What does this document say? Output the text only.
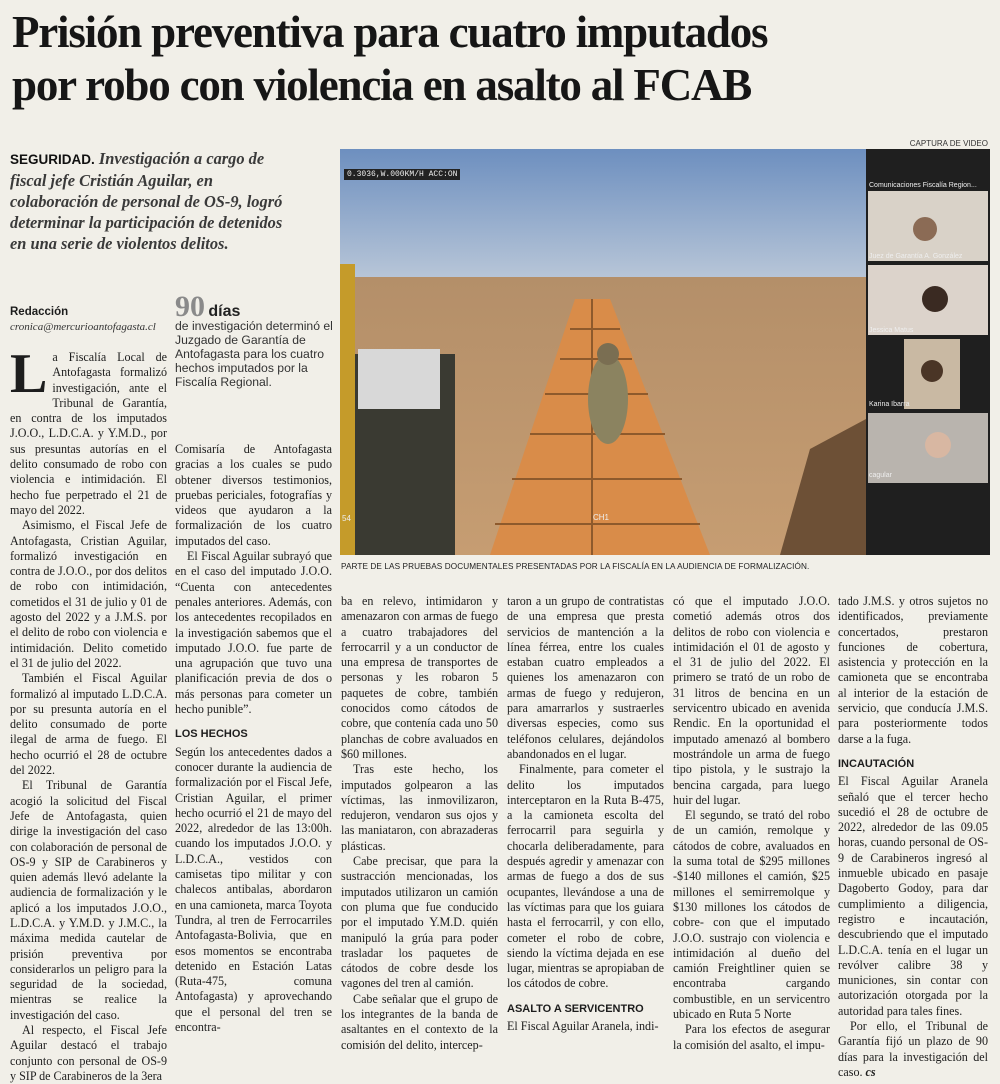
Prisión preventiva para cuatro imputados
por robo con violencia en asalto al FCAB
SEGURIDAD. Investigación a cargo de fiscal jefe Cristián Aguilar, en colaboración de personal de OS-9, logró determinar la participación de detenidos en una serie de violentos delitos.
Redacción
cronica@mercurioantofagasta.cl
90 días
de investigación determinó el Juzgado de Garantía de Antofagasta para los cuatro hechos imputados por la Fiscalía Regional.
CAPTURA DE VIDEO
0.3036,W.000KM/H ACC:ON
54	CH1
Comunicaciones Fiscalía Region...
Juez de Garantía A. González
Jessica Matus
Karina Ibarra
cagular
PARTE DE LAS PRUEBAS DOCUMENTALES PRESENTADAS POR LA FISCALÍA EN LA AUDIENCIA DE FORMALIZACIÓN.

La Fiscalía Local de Antofagasta formalizó investigación, ante el Tribunal de Garantía, en contra de los imputados J.O.O., L.D.C.A. y Y.M.D., por sus presuntas autorías en el delito consumado de robo con violencia e intimidación. El hecho fue perpetrado el 21 de mayo del 2022.

Asimismo, el Fiscal Jefe de Antofagasta, Cristian Aguilar, formalizó investigación en contra de J.O.O., por dos delitos de robo con intimidación, cometidos el 31 de julio y 01 de agosto del 2022 y a J.M.S. por el delito de robo con violencia e intimidación. Delito cometido el 31 de julio del 2022.

También el Fiscal Aguilar formalizó al imputado L.D.C.A. por su presunta autoría en el delito consumado de porte ilegal de arma de fuego. El hecho ocurrió el 28 de octubre del 2022.

El Tribunal de Garantía acogió la solicitud del Fiscal Jefe de Antofagasta, quien dirige la investigación del caso con colaboración de personal de OS-9 y SIP de Carabineros y quien además llevó adelante la audiencia de formalización y le aplicó a los imputados J.O.O., L.D.C.A. y Y.M.D. y J.M.C., la máxima medida cautelar de prisión preventiva por considerarlos un peligro para la seguridad de la sociedad, mientras se realice la investigación del caso.

Al respecto, el Fiscal Jefe Aguilar destacó el trabajo conjunto con personal de OS-9 y SIP de Carabineros de la 3era

Comisaría de Antofagasta gracias a los cuales se pudo obtener diversos testimonios, pruebas periciales, fotografías y videos que ayudaron a la formalización de los cuatro imputados del caso.

El Fiscal Aguilar subrayó que en el caso del imputado J.O.O. “Cuenta con antecedentes penales anteriores. Además, con los antecedentes recopilados en la investigación sabemos que el imputado J.O.O. fue parte de una agrupación que tuvo una planificación previa de dos o más personas para cometer un hecho punible”.

LOS HECHOS

Según los antecedentes dados a conocer durante la audiencia de formalización por el Fiscal Jefe, Cristian Aguilar, el primer hecho ocurrió el 21 de mayo del 2022, alrededor de las 13:00h. cuando los imputados J.O.O. y L.D.C.A., vestidos con camisetas tipo militar y con chalecos antibalas, abordaron en una camioneta, marca Toyota Tundra, al tren de Ferrocarriles Antofagasta-Bolivia, que en esos momentos se encontraba detenido en Estación Latas (Ruta-475, comuna Antofagasta) y aprovechando que el personal del tren se encontra-

ba en relevo, intimidaron y amenazaron con armas de fuego a cuatro trabajadores del ferrocarril y a un conductor de una empresa de transportes de personas y les robaron 5 paquetes de cobre, también conocidos como cátodos de cobre, que contenía cada uno 50 planchas de cobre avaluados en $60 millones.

Tras este hecho, los imputados golpearon a las víctimas, las inmovilizaron, redujeron, vendaron sus ojos y las maniataron, con abrazaderas plásticas.

Cabe precisar, que para la sustracción mencionadas, los imputados utilizaron un camión con pluma que fue conducido por el imputado Y.M.D. quién manipuló la grúa para poder trasladar los paquetes de cátodos de cobre desde los vagones del tren al camión.

Cabe señalar que el grupo de los integrantes de la banda de asaltantes en el contexto de la comisión del delito, intercep-

taron a un grupo de contratistas de una empresa que presta servicios de mantención a la línea férrea, entre los cuales estaban cuatro empleados a quienes los amenazaron con armas de fuego y redujeron, para amarrarlos y sustraerles diversas especies, como sus teléfonos celulares, dejándolos abandonados en el lugar.

Finalmente, para cometer el delito los imputados interceptaron en la Ruta B-475, a la camioneta escolta del ferrocarril para seguirla y chocarla deliberadamente, para después agredir y amenazar con armas de fuego a dos de sus ocupantes, llevándose a una de las víctimas para que los guiara hasta el ferrocarril, y con ello, cometer el robo de cobre, siendo la víctima dejada en ese lugar, mientras se apropiaban de los cátodos de cobre.

ASALTO A SERVICENTRO

El Fiscal Aguilar Aranela, indi-

có que el imputado J.O.O. cometió además otros dos delitos de robo con violencia e intimidación el 01 de agosto y el 31 de julio del 2022. El primero se trató de un robo de 31 litros de bencina en un servicentro ubicado en avenida Rendic. En la oportunidad el imputado amenazó al bombero mostrándole un arma de fuego tipo pistola, y le sustrajo la bencina cargada, para luego huir del lugar.

El segundo, se trató del robo de un camión, remolque y cátodos de cobre, avaluados en la suma total de $295 millones -$140 millones el camión, $25 millones el semirremolque y $130 millones los cátodos de cobre- con que el imputado J.O.O. sustrajo con violencia e intimidación al dueño del camión Freightliner quien se encontraba cargando combustible, en un servicentro ubicado en Ruta 5 Norte

Para los efectos de asegurar la comisión del asalto, el impu-

tado J.M.S. y otros sujetos no identificados, previamente concertados, prestaron funciones de cobertura, asistencia y protección en la camioneta que se encontraba al interior de la estación de servicio, que conducía J.M.S. para posteriormente todos darse a la fuga.

INCAUTACIÓN

El Fiscal Aguilar Aranela señaló que el tercer hecho sucedió el 28 de octubre de 2022, alrededor de las 09.05 horas, cuando personal de OS-9 de Carabineros ingresó al inmueble ubicado en pasaje Dagoberto Godoy, para dar cumplimiento a diligencia, registro e incautación, descubriendo que el imputado L.D.C.A. tenía en el lugar un revólver calibre 38 y municiones, sin contar con autorización otorgada por la autoridad para tales fines.

Por ello, el Tribunal de Garantía fijó un plazo de 90 días para la investigación del caso. cs
